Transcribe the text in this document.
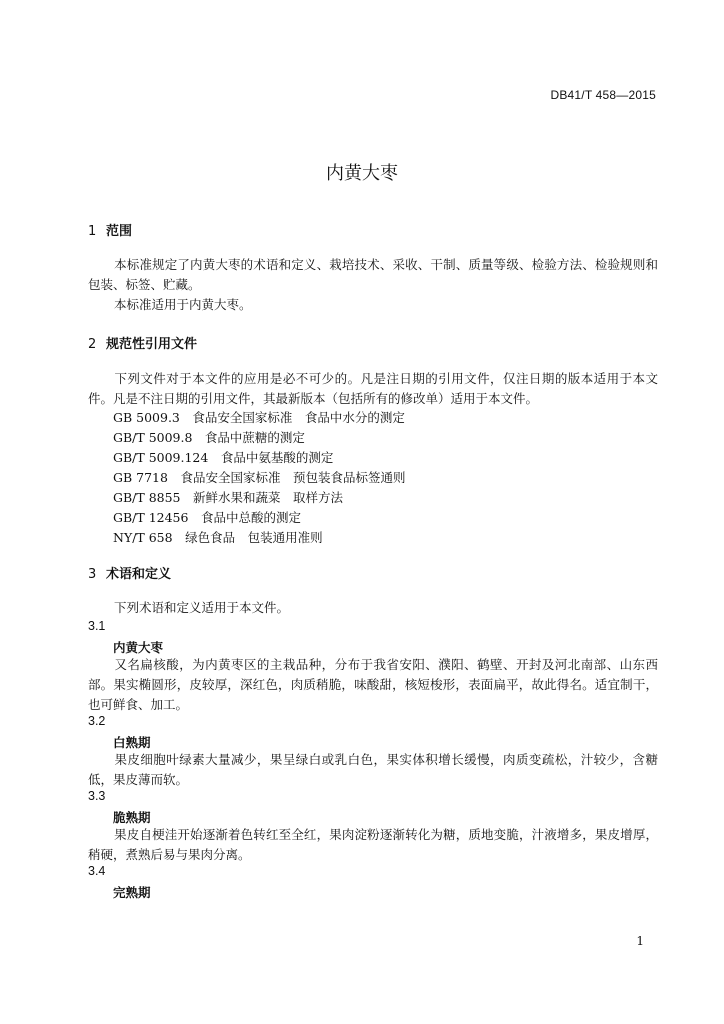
DB41/T 458—2015
内黄大枣
1 范围
本标准规定了内黄大枣的术语和定义、栽培技术、采收、干制、质量等级、检验方法、检验规则和包装、标签、贮藏。
本标准适用于内黄大枣。
2 规范性引用文件
下列文件对于本文件的应用是必不可少的。凡是注日期的引用文件，仅注日期的版本适用于本文件。凡是不注日期的引用文件，其最新版本（包括所有的修改单）适用于本文件。
GB 5009.3　食品安全国家标准　食品中水分的测定
GB/T 5009.8　食品中蔗糖的测定
GB/T 5009.124　食品中氨基酸的测定
GB 7718　食品安全国家标准　预包装食品标签通则
GB/T 8855　新鲜水果和蔬菜　取样方法
GB/T 12456　食品中总酸的测定
NY/T 658　绿色食品　包装通用准则
3 术语和定义
下列术语和定义适用于本文件。
3.1
内黄大枣
又名扁核酸，为内黄枣区的主栽品种，分布于我省安阳、濮阳、鹤壁、开封及河北南部、山东西部。果实椭圆形，皮较厚，深红色，肉质稍脆，味酸甜，核短梭形，表面扁平，故此得名。适宜制干，也可鲜食、加工。
3.2
白熟期
果皮细胞叶绿素大量减少，果呈绿白或乳白色，果实体积增长缓慢，肉质变疏松，汁较少，含糖低，果皮薄而软。
3.3
脆熟期
果皮自梗洼开始逐渐着色转红至全红，果肉淀粉逐渐转化为糖，质地变脆，汁液增多，果皮增厚，稍硬，煮熟后易与果肉分离。
3.4
完熟期
1
